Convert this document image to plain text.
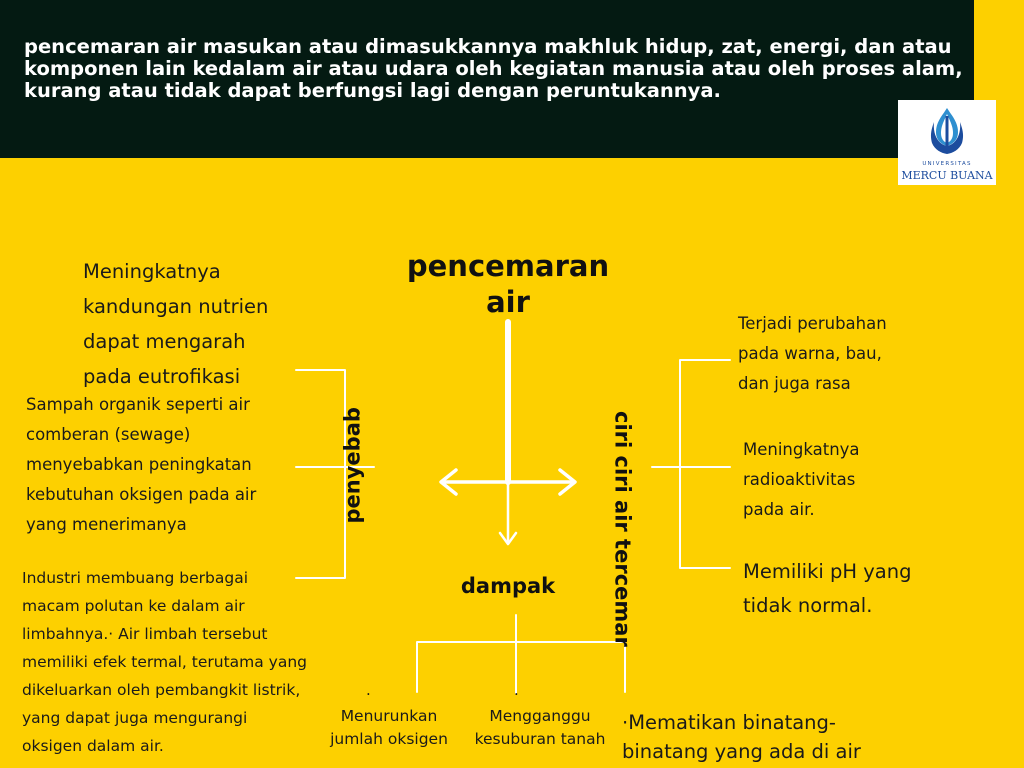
pencemaran air masukan atau dimasukkannya makhluk hidup, zat, energi, dan atau
komponen lain kedalam air atau udara oleh kegiatan manusia atau oleh proses alam,
kurang atau tidak dapat berfungsi lagi dengan peruntukannya.

UNIVERSITAS
MERCU BUANA
pencemaran
air
penyebab	ciri ciri air tercemar

dampak

Meningkatnya
kandungan nutrien
dapat mengarah
pada eutrofikasi

Sampah organik seperti air
comberan (sewage)
menyebabkan peningkatan
kebutuhan oksigen pada air
yang menerimanya

Industri membuang berbagai
macam polutan ke dalam air
limbahnya.· Air limbah tersebut
memiliki efek termal, terutama yang
dikeluarkan oleh pembangkit listrik,
yang dapat juga mengurangi
oksigen dalam air.

Terjadi perubahan
pada warna, bau,
dan juga rasa

Meningkatnya
radioaktivitas
pada air.

Memiliki pH yang
tidak normal.

.	.

Menurunkan
jumlah oksigen

Mengganggu
kesuburan tanah

·Mematikan binatang-
binatang yang ada di air
